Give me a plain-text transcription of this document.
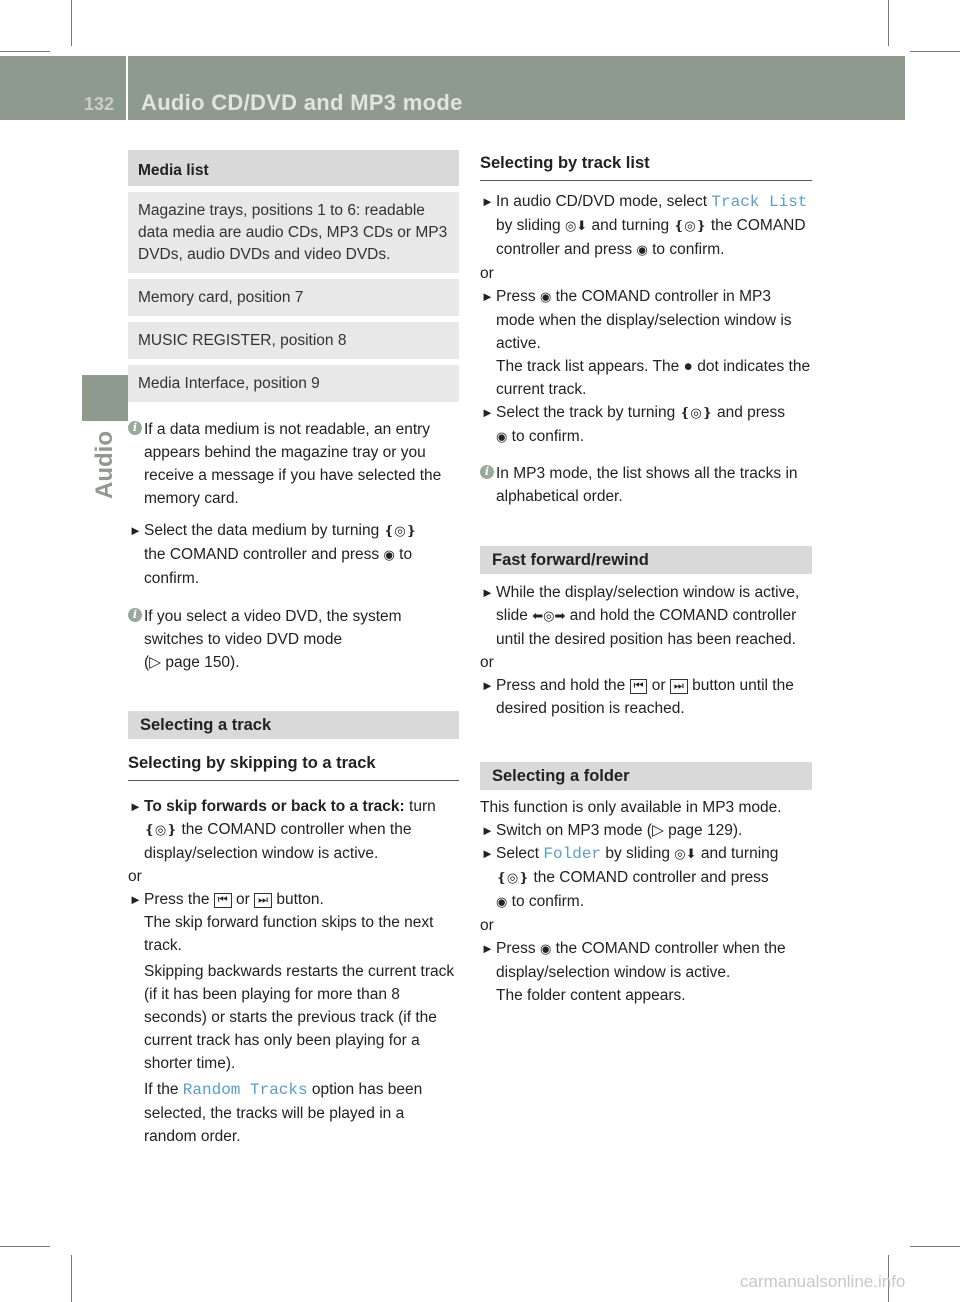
132 Audio CD/DVD and MP3 mode
Audio
Media list
Magazine trays, positions 1 to 6: readable data media are audio CDs, MP3 CDs or MP3 DVDs, audio DVDs and video DVDs.
Memory card, position 7
MUSIC REGISTER, position 8
Media Interface, position 9
i If a data medium is not readable, an entry appears behind the magazine tray or you receive a message if you have selected the memory card.
► Select the data medium by turning ❴◎❵
the COMAND controller and press ◉ to confirm.
i If you select a video DVD, the system switches to video DVD mode
(▷ page 150).
Selecting a track
Selecting by skipping to a track
► To skip forwards or back to a track: turn
❴◎❵ the COMAND controller when the display/selection window is active.

or

► Press the ⏮ or ⏭ button.
The skip forward function skips to the next track.
Skipping backwards restarts the current track (if it has been playing for more than 8 seconds) or starts the previous track (if the current track has only been playing for a shorter time).
If the Random Tracks option has been selected, the tracks will be played in a random order.
Selecting by track list
► In audio CD/DVD mode, select Track List by sliding ◎⬇ and turning ❴◎❵ the COMAND controller and press ◉ to confirm.

or

► Press ◉ the COMAND controller in MP3 mode when the display/selection window is active.
The track list appears. The ● dot indicates the current track.
► Select the track by turning ❴◎❵ and press
◉ to confirm.
i In MP3 mode, the list shows all the tracks in alphabetical order.
Fast forward/rewind
► While the display/selection window is active, slide ⬅◎➡ and hold the COMAND controller until the desired position has been reached.

or

► Press and hold the ⏮ or ⏭ button until the desired position is reached.
Selecting a folder

This function is only available in MP3 mode.

► Switch on MP3 mode (▷ page 129).
► Select Folder by sliding ◎⬇ and turning
❴◎❵ the COMAND controller and press
◉ to confirm.

or

► Press ◉ the COMAND controller when the display/selection window is active.
The folder content appears.
carmanualsonline.info
